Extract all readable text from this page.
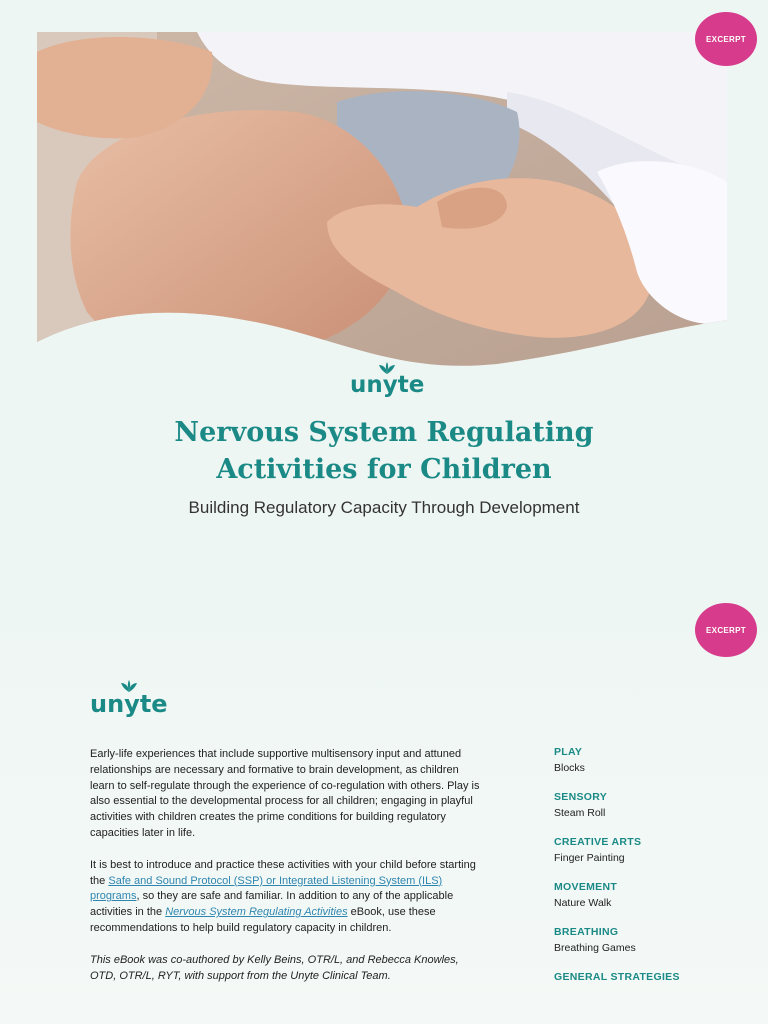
EXCERPT
unyte
Nervous System Regulating
Activities for Children

Building Regulatory Capacity Through Development

EXCERPT
unyte

Early-life experiences that include supportive multisensory input and attuned relationships are necessary and formative to brain development, as children learn to self-regulate through the experience of co-regulation with others. Play is also essential to the developmental process for all children; engaging in playful activities with children creates the prime conditions for building regulatory capacities later in life.

It is best to introduce and practice these activities with your child before starting the Safe and Sound Protocol (SSP) or Integrated Listening System (ILS) programs, so they are safe and familiar. In addition to any of the applicable activities in the Nervous System Regulating Activities eBook, use these recommendations to help build regulatory capacity in children.

This eBook was co-authored by Kelly Beins, OTR/L, and Rebecca Knowles, OTD, OTR/L, RYT, with support from the Unyte Clinical Team.

PLAY
Blocks
SENSORY
Steam Roll
CREATIVE ARTS
Finger Painting
MOVEMENT
Nature Walk
BREATHING
Breathing Games
GENERAL STRATEGIES
